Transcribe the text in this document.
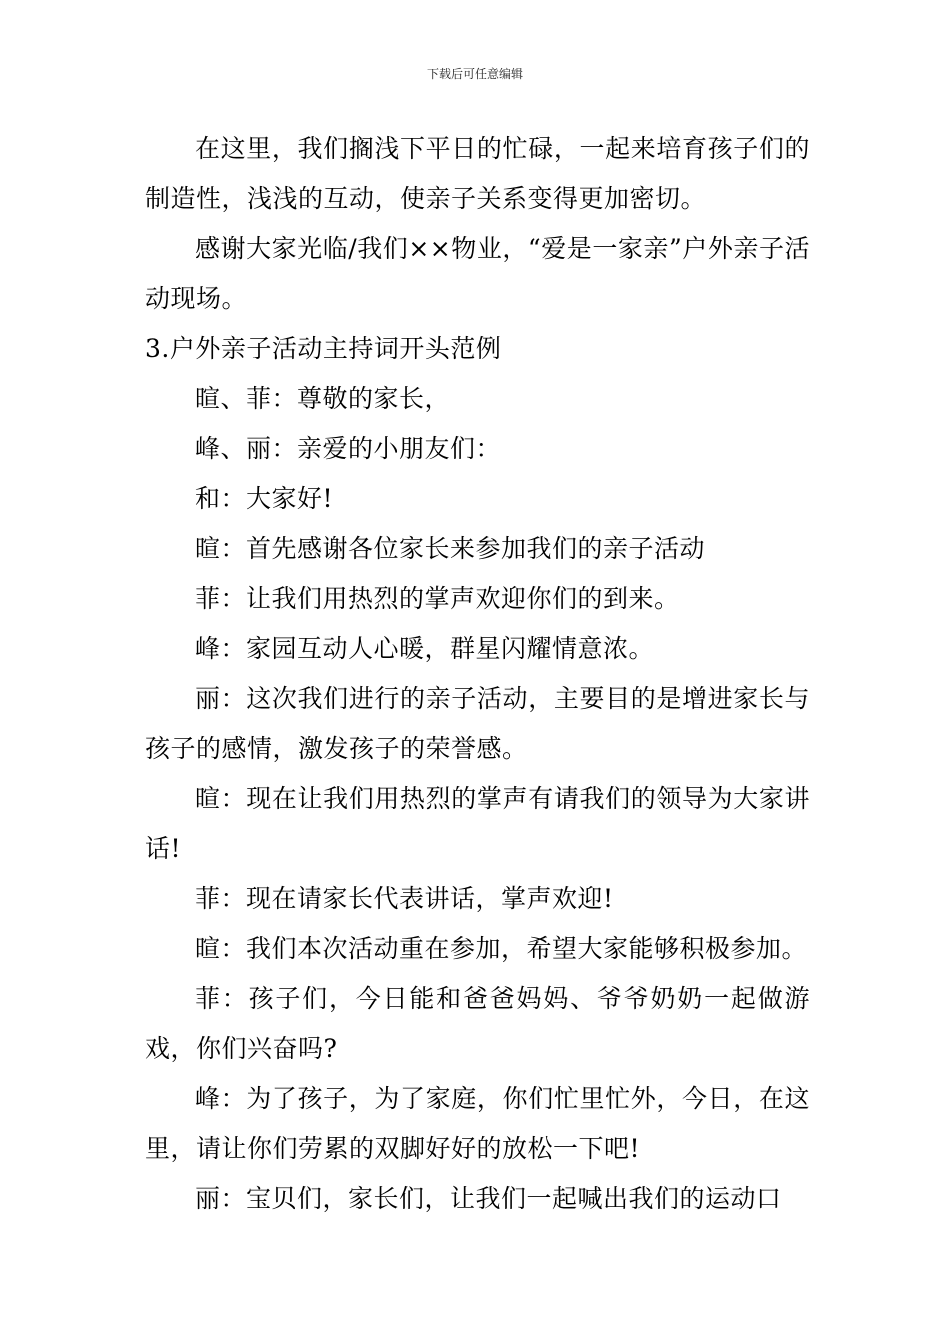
下载后可任意编辑

在这里，我们搁浅下平日的忙碌，一起来培育孩子们的制造性，浅浅的互动，使亲子关系变得更加密切。

感谢大家光临/我们××物业，“爱是一家亲”户外亲子活动现场。

3.户外亲子活动主持词开头范例

暄、菲：尊敬的家长，

峰、丽：亲爱的小朋友们：

和：大家好!

暄：首先感谢各位家长来参加我们的亲子活动

菲：让我们用热烈的掌声欢迎你们的到来。

峰：家园互动人心暖，群星闪耀情意浓。

丽：这次我们进行的亲子活动，主要目的是增进家长与孩子的感情，激发孩子的荣誉感。

暄：现在让我们用热烈的掌声有请我们的领导为大家讲话!

菲：现在请家长代表讲话，掌声欢迎!

暄：我们本次活动重在参加，希望大家能够积极参加。

菲：孩子们，今日能和爸爸妈妈、爷爷奶奶一起做游戏，你们兴奋吗?

峰：为了孩子，为了家庭，你们忙里忙外，今日，在这里，请让你们劳累的双脚好好的放松一下吧!

丽：宝贝们，家长们，让我们一起喊出我们的运动口
